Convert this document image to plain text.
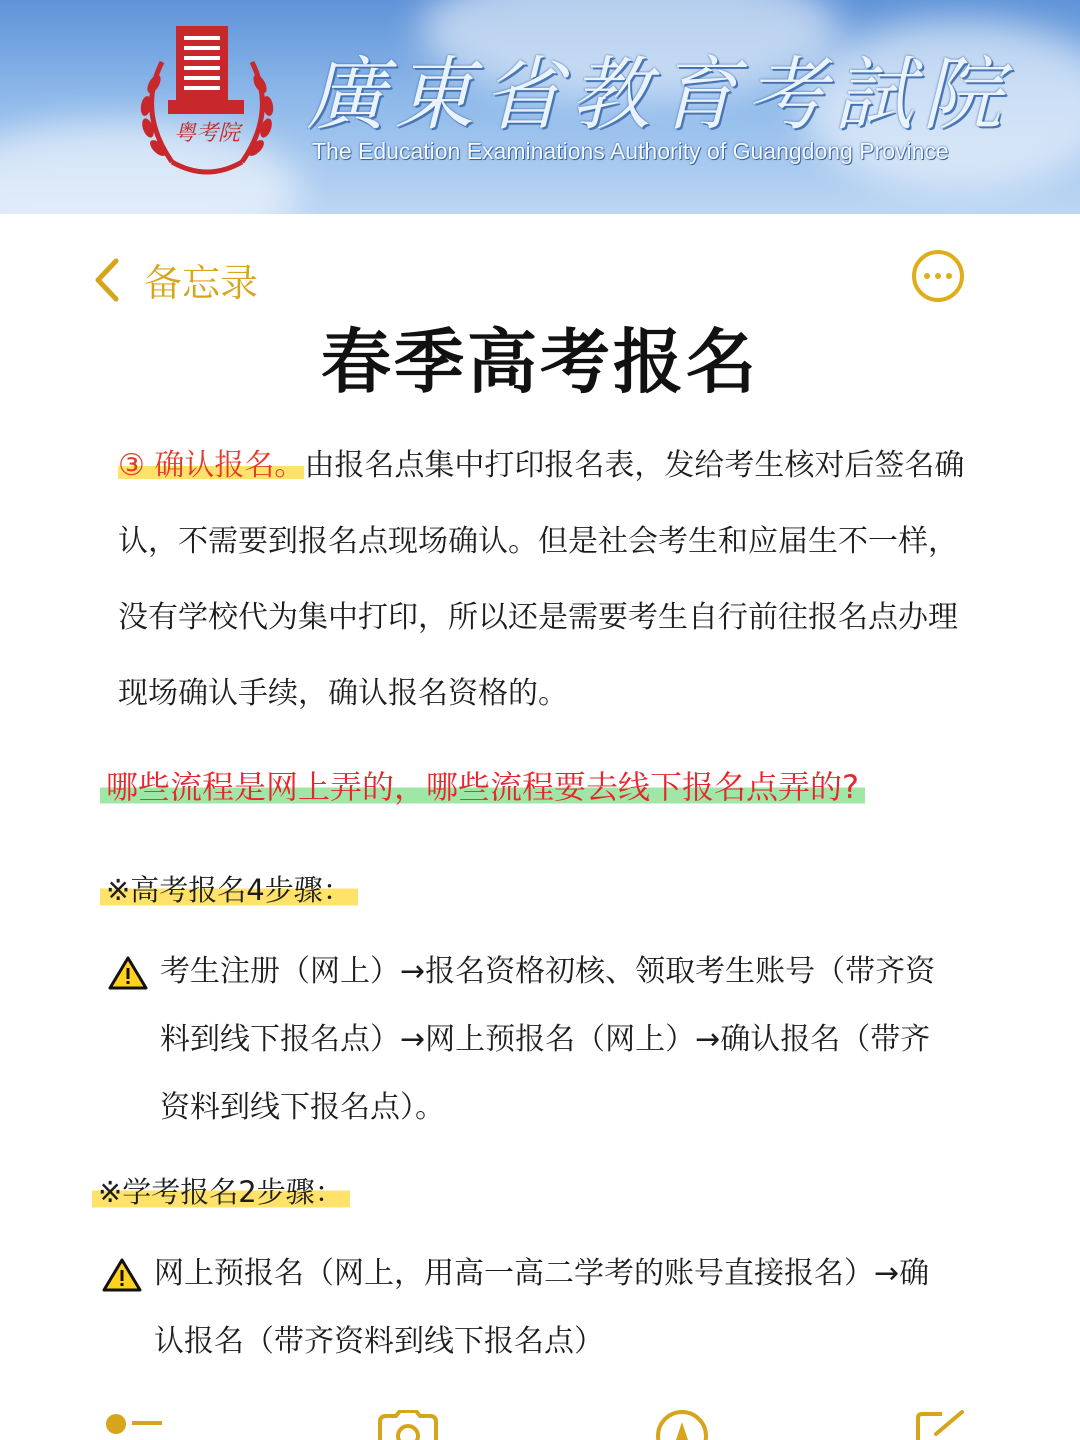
粤考院 廣東省教育考試院
The Education Examinations Authority of Guangdong Province
备忘录
春季高考报名
③ 确认报名。由报名点集中打印报名表，发给考生核对后签名确认，不需要到报名点现场确认。但是社会考生和应届生不一样，没有学校代为集中打印，所以还是需要考生自行前往报名点办理现场确认手续，确认报名资格的。
哪些流程是网上弄的，哪些流程要去线下报名点弄的?
※高考报名4步骤：
考生注册（网上）→报名资格初核、领取考生账号（带齐资料到线下报名点）→网上预报名（网上）→确认报名（带齐资料到线下报名点）。
※学考报名2步骤：
网上预报名（网上，用高一高二学考的账号直接报名）→确认报名（带齐资料到线下报名点）
